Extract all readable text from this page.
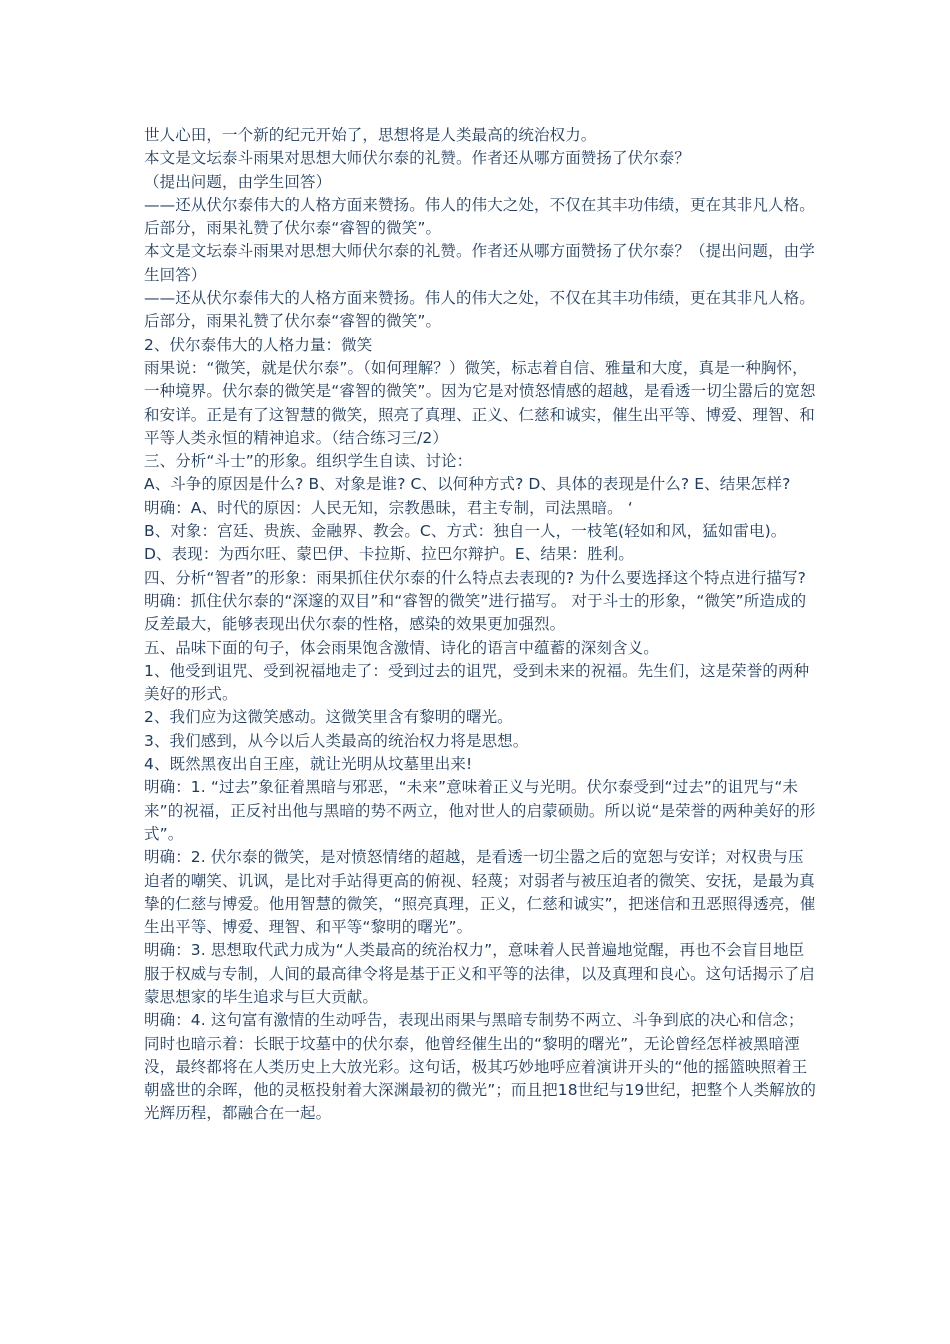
世人心田，一个新的纪元开始了，思想将是人类最高的统治权力。

本文是文坛泰斗雨果对思想大师伏尔泰的礼赞。作者还从哪方面赞扬了伏尔泰？

（提出问题，由学生回答）

——还从伏尔泰伟大的人格方面来赞扬。伟人的伟大之处，不仅在其丰功伟绩，更在其非凡人格。后部分，雨果礼赞了伏尔泰“睿智的微笑”。

本文是文坛泰斗雨果对思想大师伏尔泰的礼赞。作者还从哪方面赞扬了伏尔泰？（提出问题，由学生回答）

——还从伏尔泰伟大的人格方面来赞扬。伟人的伟大之处，不仅在其丰功伟绩，更在其非凡人格。后部分，雨果礼赞了伏尔泰“睿智的微笑”。

2、伏尔泰伟大的人格力量：微笑

雨果说：“微笑，就是伏尔泰”。（如何理解？）微笑，标志着自信、雅量和大度，真是一种胸怀，一种境界。伏尔泰的微笑是“睿智的微笑”。因为它是对愤怒情感的超越，是看透一切尘嚣后的宽恕和安详。正是有了这智慧的微笑，照亮了真理、正义、仁慈和诚实，催生出平等、博爱、理智、和平等人类永恒的精神追求。（结合练习三/2）

三、分析“斗士”的形象。组织学生自读、讨论：

A、斗争的原因是什么? B、对象是谁? C、以何种方式? D、具体的表现是什么? E、结果怎样?

明确：A、时代的原因：人民无知，宗教愚昧，君主专制，司法黑暗。 ‘

B、对象：宫廷、贵族、金融界、教会。C、方式：独自一人，一枝笔(轻如和风，猛如雷电)。

D、表现：为西尔旺、蒙巴伊、卡拉斯、拉巴尔辩护。E、结果：胜利。

四、分析“智者”的形象：雨果抓住伏尔泰的什么特点去表现的? 为什么要选择这个特点进行描写?

明确：抓住伏尔泰的“深邃的双目”和“睿智的微笑”进行描写。 对于斗士的形象，“微笑”所造成的反差最大，能够表现出伏尔泰的性格，感染的效果更加强烈。

五、品味下面的句子，体会雨果饱含激情、诗化的语言中蕴蓄的深刻含义。

1、他受到诅咒、受到祝福地走了：受到过去的诅咒，受到未来的祝福。先生们，这是荣誉的两种美好的形式。

2、我们应为这微笑感动。这微笑里含有黎明的曙光。

3、我们感到，从今以后人类最高的统治权力将是思想。

4、既然黑夜出自王座，就让光明从坟墓里出来!

明确：1. “过去”象征着黑暗与邪恶，“未来”意味着正义与光明。伏尔泰受到“过去”的诅咒与“未来”的祝福，正反衬出他与黑暗的势不两立，他对世人的启蒙硕勋。所以说“是荣誉的两种美好的形式”。

明确：2. 伏尔泰的微笑，是对愤怒情绪的超越，是看透一切尘嚣之后的宽恕与安详；对权贵与压迫者的嘲笑、讥讽，是比对手站得更高的俯视、轻蔑；对弱者与被压迫者的微笑、安抚，是最为真挚的仁慈与博爱。他用智慧的微笑，“照亮真理，正义，仁慈和诚实”，把迷信和丑恶照得透亮，催生出平等、博爱、理智、和平等“黎明的曙光”。

明确：3. 思想取代武力成为“人类最高的统治权力”，意味着人民普遍地觉醒，再也不会盲目地臣服于权威与专制，人间的最高律令将是基于正义和平等的法律，以及真理和良心。这句话揭示了启蒙思想家的毕生追求与巨大贡献。

明确：4. 这句富有激情的生动呼告，表现出雨果与黑暗专制势不两立、斗争到底的决心和信念；同时也暗示着：长眠于坟墓中的伏尔泰，他曾经催生出的“黎明的曙光”，无论曾经怎样被黑暗湮没，最终都将在人类历史上大放光彩。这句话，极其巧妙地呼应着演讲开头的“他的摇篮映照着王朝盛世的余晖，他的灵柩投射着大深渊最初的微光”；而且把18世纪与19世纪，把整个人类解放的光辉历程，都融合在一起。
